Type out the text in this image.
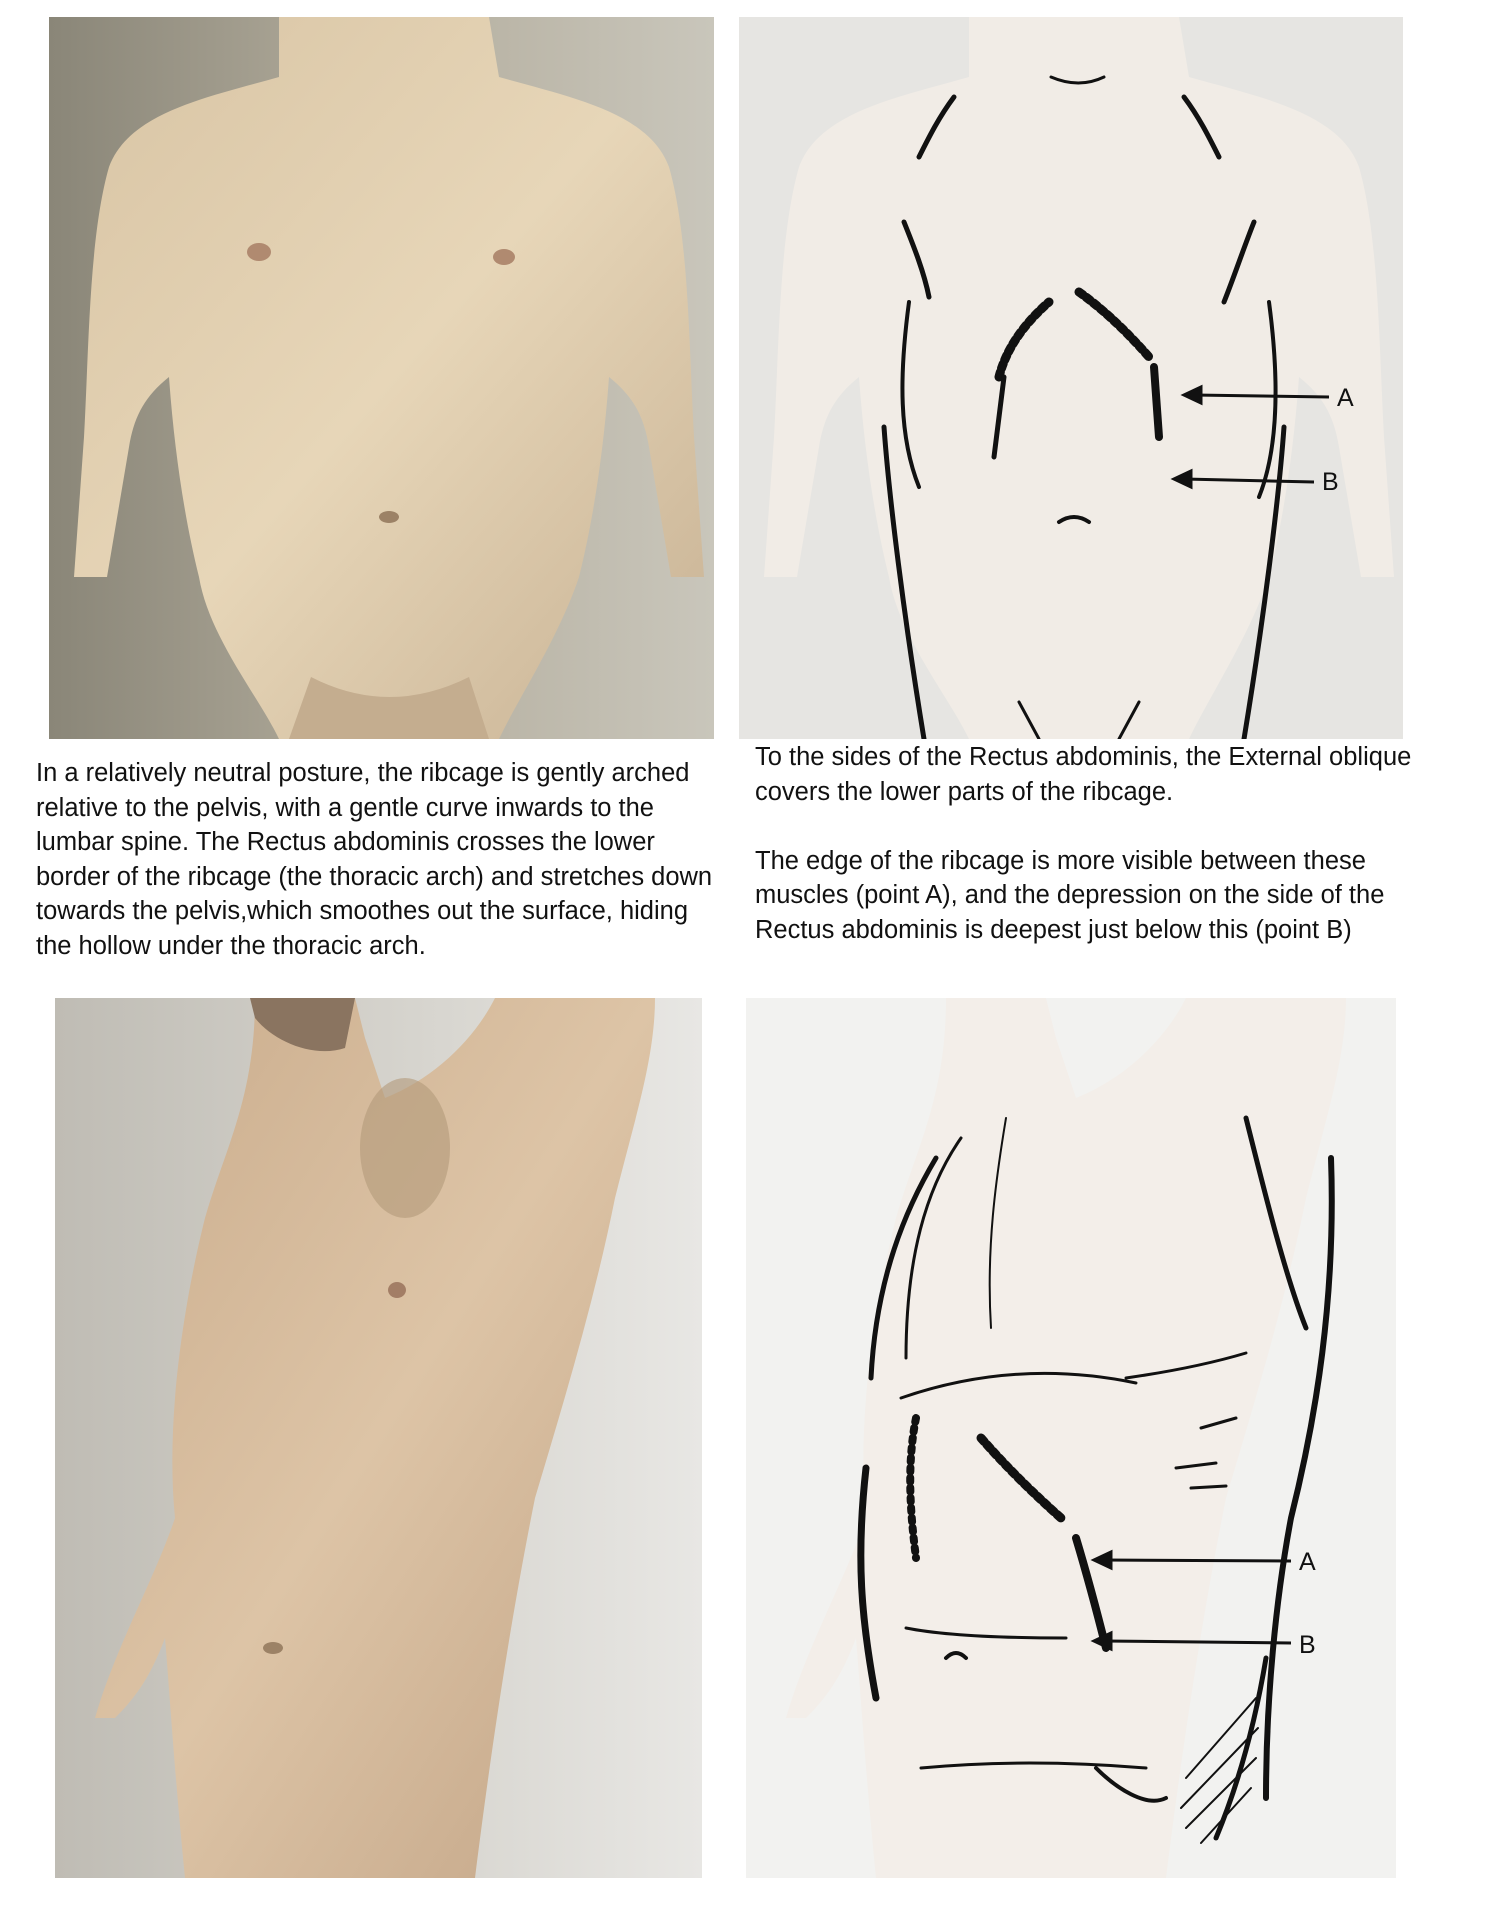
A
B

In a relatively neutral posture, the ribcage is gently arched relative to the pelvis, with a gentle curve inwards to the lumbar spine. The Rectus abdominis crosses the lower border of the ribcage (the thoracic arch) and stretches down towards the pelvis,which smoothes out the surface, hiding the hollow under the thoracic arch.

To the sides of the Rectus abdominis, the External oblique covers the lower parts of the ribcage.

The edge of the ribcage is more visible between these muscles (point A), and the depression on the side of the Rectus abdominis is deepest just below this (point B)

A
B
